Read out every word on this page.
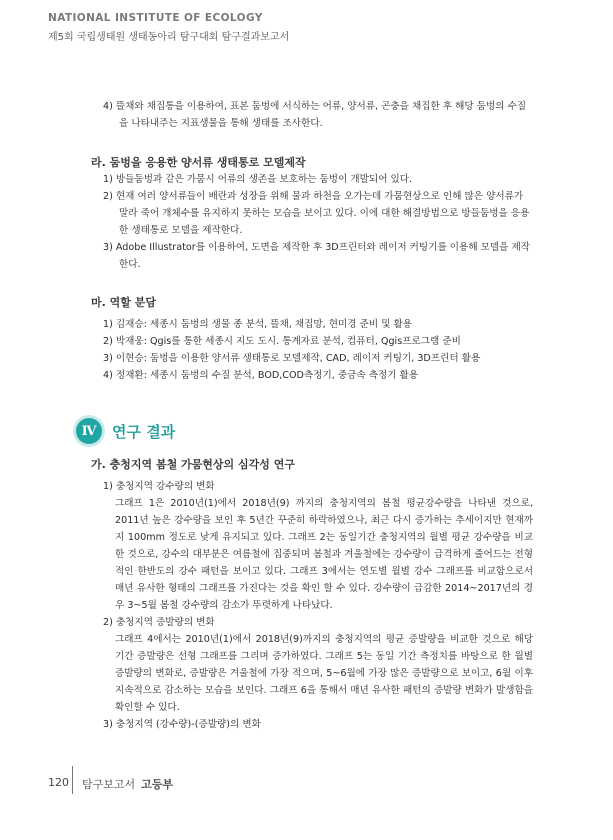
NATIONAL INSTITUTE OF ECOLOGY
제5회 국립생태원 생태동아리 탐구대회 탐구결과보고서

4) 뜰채와 채집통을 이용하여, 표본 둠벙에 서식하는 어류, 양서류, 곤충을 채집한 후 해당 둠벙의 수질을 나타내주는 지표생물을 통해 생태를 조사한다.

라. 둠벙을 응용한 양서류 생태통로 모델제작

1) 방들둠벙과 같은 가뭄시 어류의 생존을 보호하는 둠벙이 개발되어 있다.

2) 현재 여러 양서류들이 배란과 성장을 위해 물과 하천을 오가는데 가뭄현상으로 인해 많은 양서류가 말라 죽어 개체수를 유지하지 못하는 모습을 보이고 있다. 이에 대한 해결방법으로 방들둠벙을 응용한 생태통로 모델을 제작한다.

3) Adobe Illustrator를 이용하여, 도면을 제작한 후 3D프린터와 레이저 커팅기를 이용해 모델을 제작한다.

마. 역할 분담

1) 김재승: 세종시 둠벙의 생물 종 분석, 뜰채, 채집망, 현미경 준비 및 활용

2) 박재웅: Qgis를 통한 세종시 지도 도시. 통계자료 분석, 컴퓨터, Qgis프로그램 준비

3) 이현승: 둠벙을 이용한 양서류 생태통로 모델제작, CAD, 레이저 커팅기, 3D프린터 활용

4) 정재환: 세종시 둠벙의 수질 분석, BOD,COD측정기, 중금속 측정기 활용

Ⅳ	연구 결과
가. 충청지역 봄철 가뭄현상의 심각성 연구

1) 충청지역 강수량의 변화

그래프 1은 2010년(1)에서 2018년(9) 까지의 충청지역의 봄철 평균강수량을 나타낸 것으로, 2011년 높은 강수량을 보인 후 5년간 꾸준히 하락하였으나, 최근 다시 증가하는 추세이지만 현재까지 100mm 정도로 낮게 유지되고 있다. 그래프 2는 동일기간 충청지역의 월별 평균 강수량을 비교한 것으로, 강수의 대부분은 여름철에 집중되며 봄철과 겨울철에는 강수량이 급격하게 줄어드는 전형적인 한반도의 강수 패턴을 보이고 있다. 그래프 3에서는 연도별 월별 강수 그래프를 비교함으로서 매년 유사한 형태의 그래프를 가진다는 것을 확인 할 수 있다. 강수량이 급감한 2014~2017년의 경우 3~5월 봄철 강수량의 감소가 뚜렷하게 나타났다.

2) 충청지역 증발량의 변화

그래프 4에서는 2010년(1)에서 2018년(9)까지의 충청지역의 평균 증발량을 비교한 것으로 해당 기간 증발량은 선형 그래프를 그리며 증가하였다. 그래프 5는 동일 기간 측정치를 바탕으로 한 월별 증발량의 변화로, 증발량은 겨울철에 가장 적으며, 5~6월에 가장 많은 증발량으로 보이고, 6월 이후 지속적으로 감소하는 모습을 보인다. 그래프 6을 통해서 매년 유사한 패턴의 증발량 변화가 발생함을 확인할 수 있다.

3) 충청지역 (강수량)-(증발량)의 변화

120 탐구보고서 고등부
